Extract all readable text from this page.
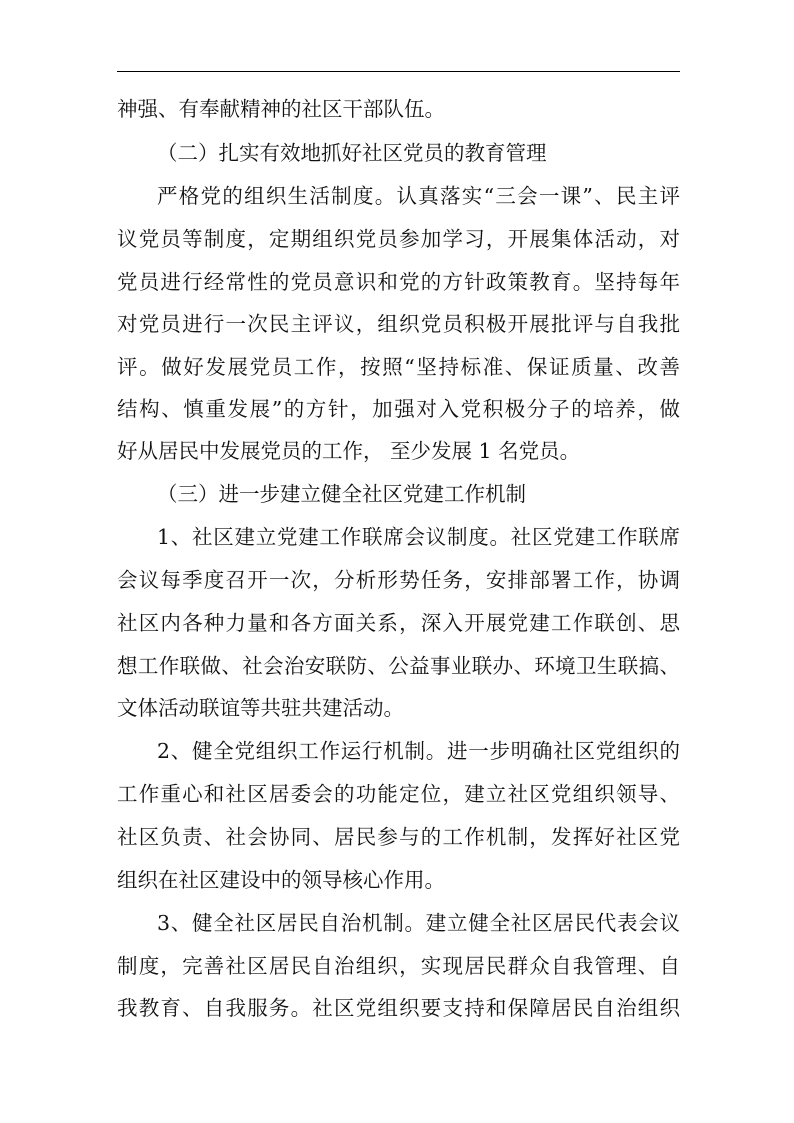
神强、有奉献精神的社区干部队伍。
（二）扎实有效地抓好社区党员的教育管理
严格党的组织生活制度。认真落实“三会一课”、民主评
议党员等制度，定期组织党员参加学习，开展集体活动，对
党员进行经常性的党员意识和党的方针政策教育。坚持每年
对党员进行一次民主评议，组织党员积极开展批评与自我批
评。做好发展党员工作，按照“坚持标准、保证质量、改善
结构、慎重发展”的方针，加强对入党积极分子的培养，做
好从居民中发展党员的工作， 至少发展 1 名党员。
（三）进一步建立健全社区党建工作机制
1、社区建立党建工作联席会议制度。社区党建工作联席
会议每季度召开一次，分析形势任务，安排部署工作，协调
社区内各种力量和各方面关系，深入开展党建工作联创、思
想工作联做、社会治安联防、公益事业联办、环境卫生联搞、
文体活动联谊等共驻共建活动。
2、健全党组织工作运行机制。进一步明确社区党组织的
工作重心和社区居委会的功能定位，建立社区党组织领导、
社区负责、社会协同、居民参与的工作机制，发挥好社区党
组织在社区建设中的领导核心作用。
3、健全社区居民自治机制。建立健全社区居民代表会议
制度，完善社区居民自治组织，实现居民群众自我管理、自
我教育、自我服务。社区党组织要支持和保障居民自治组织
